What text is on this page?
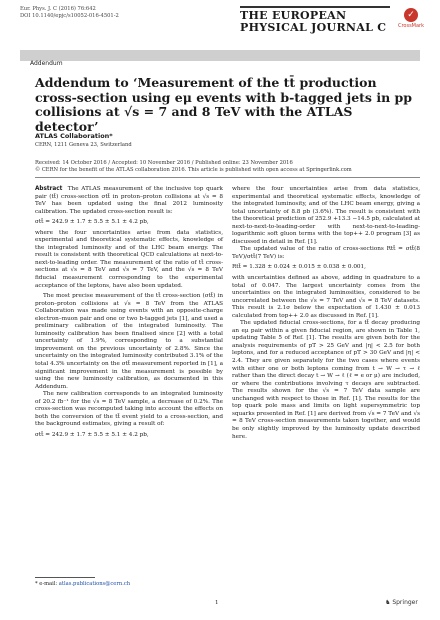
Eur. Phys. J. C (2016) 76:642
DOI 10.1140/epjc/s10052-016-4501-2	THE EUROPEAN
PHYSICAL JOURNAL C
✓
CrossMark
Addendum
Addendum to ‘Measurement of the tt̄ production cross-section using eμ events with b-tagged jets in pp collisions at √s = 7 and 8 TeV with the ATLAS detector’
ATLAS Collaboration*
CERN, 1211 Geneva 23, Switzerland
Received: 14 October 2016 / Accepted: 10 November 2016 / Published online: 23 November 2016
© CERN for the benefit of the ATLAS collaboration 2016. This article is published with open access at Springerlink.com

Abstract The ATLAS measurement of the inclusive top quark pair (tt̄) cross-section σtt̄ in proton–proton collisions at √s = 8 TeV has been updated using the final 2012 luminosity calibration. The updated cross-section result is:

σtt̄ = 242.9 ± 1.7 ± 5.5 ± 5.1 ± 4.2 pb,

where the four uncertainties arise from data statistics, experimental and theoretical systematic effects, knowledge of the integrated luminosity and of the LHC beam energy. The result is consistent with theoretical QCD calculations at next-to-next-to-leading order. The measurement of the ratio of tt̄ cross-sections at √s = 8 TeV and √s = 7 TeV, and the √s = 8 TeV fiducial measurement corresponding to the experimental acceptance of the leptons, have also been updated.

The most precise measurement of the tt̄ cross-section (σtt̄) in proton–proton collisions at √s = 8 TeV from the ATLAS Collaboration was made using events with an opposite-charge electron–muon pair and one or two b-tagged jets [1], and used a preliminary calibration of the integrated luminosity. The luminosity calibration has been finalised since [2] with a total uncertainty of 1.9%, corresponding to a substantial improvement on the previous uncertainty of 2.8%. Since the uncertainty on the integrated luminosity contributed 3.1% of the total 4.3% uncertainty on the σtt̄ measurement reported in [1], a significant improvement in the measurement is possible by using the new luminosity calibration, as documented in this Addendum.

The new calibration corresponds to an integrated luminosity of 20.2 fb⁻¹ for the √s = 8 TeV sample, a decrease of 0.2%. The cross-section was recomputed taking into account the effects on both the conversion of the tt̄ event yield to a cross-section, and the background estimates, giving a result of:

σtt̄ = 242.9 ± 1.7 ± 5.5 ± 5.1 ± 4.2 pb,

where the four uncertainties arise from data statistics, experimental and theoretical systematic effects, knowledge of the integrated luminosity, and of the LHC beam energy, giving a total uncertainty of 8.8 pb (3.6%). The result is consistent with the theoretical prediction of 252.9 +13.3 −14.5 pb, calculated at next-to-next-to-leading-order with next-to-next-to-leading-logarithmic soft gluon terms with the top++ 2.0 program [3] as discussed in detail in Ref. [1].

The updated value of the ratio of cross-sections Rtt̄ = σtt̄(8 TeV)/σtt̄(7 TeV) is:

Rtt̄ = 1.328 ± 0.024 ± 0.015 ± 0.038 ± 0.001,

with uncertainties defined as above, adding in quadrature to a total of 0.047. The largest uncertainty comes from the uncertainties on the integrated luminosities, considered to be uncorrelated between the √s = 7 TeV and √s = 8 TeV datasets. This result is 2.1σ below the expectation of 1.430 ± 0.013 calculated from top++ 2.0 as discussed in Ref. [1].

The updated fiducial cross-sections, for a tt̄ decay producing an eμ pair within a given fiducial region, are shown in Table 1, updating Table 5 of Ref. [1]. The results are given both for the analysis requirements of pT > 25 GeV and |η| < 2.5 for both leptons, and for a reduced acceptance of pT > 30 GeV and |η| < 2.4. They are given separately for the two cases where events with either one or both leptons coming from t → W → τ → ℓ rather than the direct decay t → W → ℓ (ℓ = e or μ) are included, or where the contributions involving τ decays are subtracted. The results shown for the √s = 7 TeV data sample are unchanged with respect to those in Ref. [1]. The results for the top quark pole mass and limits on light supersymmetric top squarks presented in Ref. [1] are derived from √s = 7 TeV and √s = 8 TeV cross-section measurements taken together, and would be only slightly improved by the luminosity update described here.

* e-mail: atlas.publications@cern.ch
1	♞ Springer
